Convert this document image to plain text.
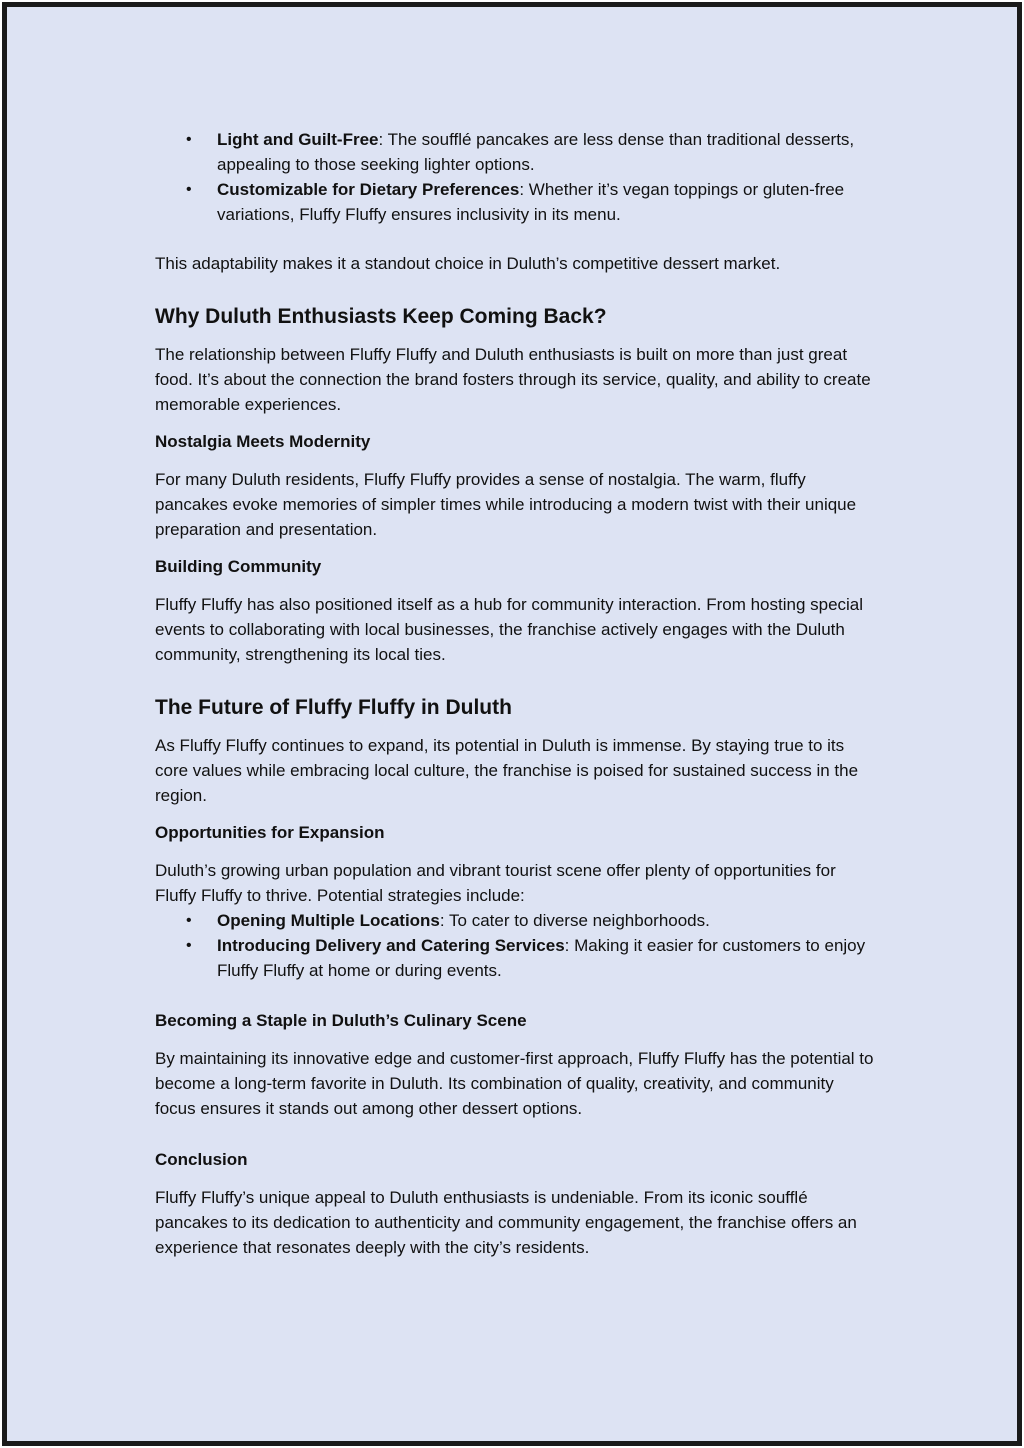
• Light and Guilt-Free: The soufflé pancakes are less dense than traditional desserts, appealing to those seeking lighter options.
• Customizable for Dietary Preferences: Whether it’s vegan toppings or gluten-free variations, Fluffy Fluffy ensures inclusivity in its menu.

This adaptability makes it a standout choice in Duluth’s competitive dessert market.

Why Duluth Enthusiasts Keep Coming Back?

The relationship between Fluffy Fluffy and Duluth enthusiasts is built on more than just great food. It’s about the connection the brand fosters through its service, quality, and ability to create memorable experiences.

Nostalgia Meets Modernity

For many Duluth residents, Fluffy Fluffy provides a sense of nostalgia. The warm, fluffy pancakes evoke memories of simpler times while introducing a modern twist with their unique preparation and presentation.

Building Community

Fluffy Fluffy has also positioned itself as a hub for community interaction. From hosting special events to collaborating with local businesses, the franchise actively engages with the Duluth community, strengthening its local ties.

The Future of Fluffy Fluffy in Duluth

As Fluffy Fluffy continues to expand, its potential in Duluth is immense. By staying true to its core values while embracing local culture, the franchise is poised for sustained success in the region.

Opportunities for Expansion

Duluth’s growing urban population and vibrant tourist scene offer plenty of opportunities for Fluffy Fluffy to thrive. Potential strategies include:

• Opening Multiple Locations: To cater to diverse neighborhoods.
• Introducing Delivery and Catering Services: Making it easier for customers to enjoy Fluffy Fluffy at home or during events.
Becoming a Staple in Duluth’s Culinary Scene

By maintaining its innovative edge and customer-first approach, Fluffy Fluffy has the potential to become a long-term favorite in Duluth. Its combination of quality, creativity, and community focus ensures it stands out among other dessert options.

Conclusion

Fluffy Fluffy’s unique appeal to Duluth enthusiasts is undeniable. From its iconic soufflé pancakes to its dedication to authenticity and community engagement, the franchise offers an experience that resonates deeply with the city’s residents.
